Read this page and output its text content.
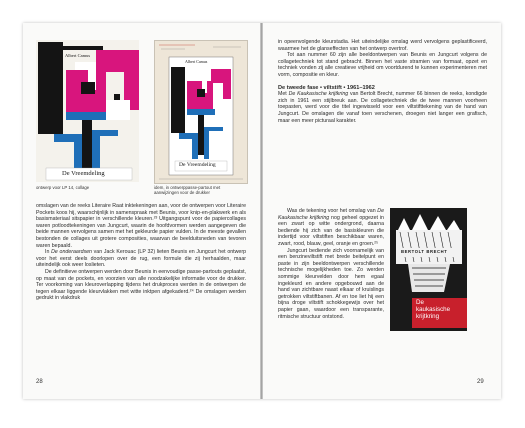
Albert Camus
De Vreemdeling
ontwerp voor LP 14, collage
Albert Camus
De Vreemdeling
idem, in ontwerppasse-partout met
aanwijzingen voor de drukker

omslagen van de reeks Literaire Raat inktekeningen aan, voor de ontwerpen voor Literaire Pockets koos hij, waarschijnlijk in samenspraak met Beunis, voor knip-en-plakwerk en als basismateriaal sitspapier in verschillende kleuren.²³ Uitgangspunt voor de papiercollages waren potloodtekeningen van Jungcurt, waarin de hoofdvormen werden aangegeven die beide mannen vervolgens samen met het gekleurde papier vulden. In de meeste gevallen bestonden de collages uit grotere composities, waarvan de beelduitsneden van tevoren waren bepaald.

In De onderaardsen van Jack Kerouac (LP 32) lieten Beunis en Jungcurt het ontwerp voor het eerst deels doorlopen over de rug, een formule die zij herhaalden, maar uiteindelijk ook weer loslieten.

De definitieve ontwerpen werden door Beunis in eenvoudige passe-partouts geplaatst, op maat van de pockets, en voorzien van alle noodzakelijke informatie voor de drukker. Ter voorkoming van kleuroverlapping tijdens het drukproces werden in de ontwerpen de tegen elkaar liggende kleurvlakken met witte inktpen afgekaderd.²⁴ De omslagen werden gedrukt in vlakdruk

28

in opeenvolgende kleurstadia. Het uiteindelijke omslag werd vervolgens geplastificeerd, waarmee het de glanseffecten van het ontwerp overtrof.

Tot aan nummer 60 zijn alle beeldontwerpen van Beunis en Jungcurt volgens de collagetechniek tot stand gebracht. Binnen het vaste stramien van formaat, opzet en techniek vonden zij alle creatieve vrijheid om voortdurend te kunnen experimenteren met vorm, compositie en kleur.

De tweede fase • viltstift • 1961–1962

Met De Kaukasische krijtkring van Bertolt Brecht, nummer 66 binnen de reeks, kondigde zich in 1961 een stijlbreuk aan. De collagetechniek die de twee mannen voorheen toepasten, werd voor die titel ingewisseld voor een viltstifttekening van de hand van Jungcurt. De omslagen die vanaf toen verschenen, droegen niet langer een grafisch, maar een meer picturaal karakter.

Was de tekening voor het omslag van De Kaukasische krijtkring nog geheel opgezet in een zwart op witte ondergrond, daarna bediende hij zich van de basiskleuren die indertijd voor viltstiften beschikbaar waren, zwart, rood, blauw, geel, oranje en groen.²⁵

Jungcurt bediende zich voornamelijk van een benzineviltstift met brede beitelpunt en paste in zijn beeldontwerpen verschillende technische mogelijkheden toe. Zo werden sommige kleurvelden door hem egaal ingekleurd en andere opgebouwd aan de hand van zichtbare naast elkaar of kruislings getrokken viltstiftbanen. Af en toe liet hij een bijna droge viltstift schokkegewijs over het papier gaan, waardoor een transparante, ritmische structuur ontstond.

BERTOLT BRECHT
De
kaukasische
krijtkring
29
